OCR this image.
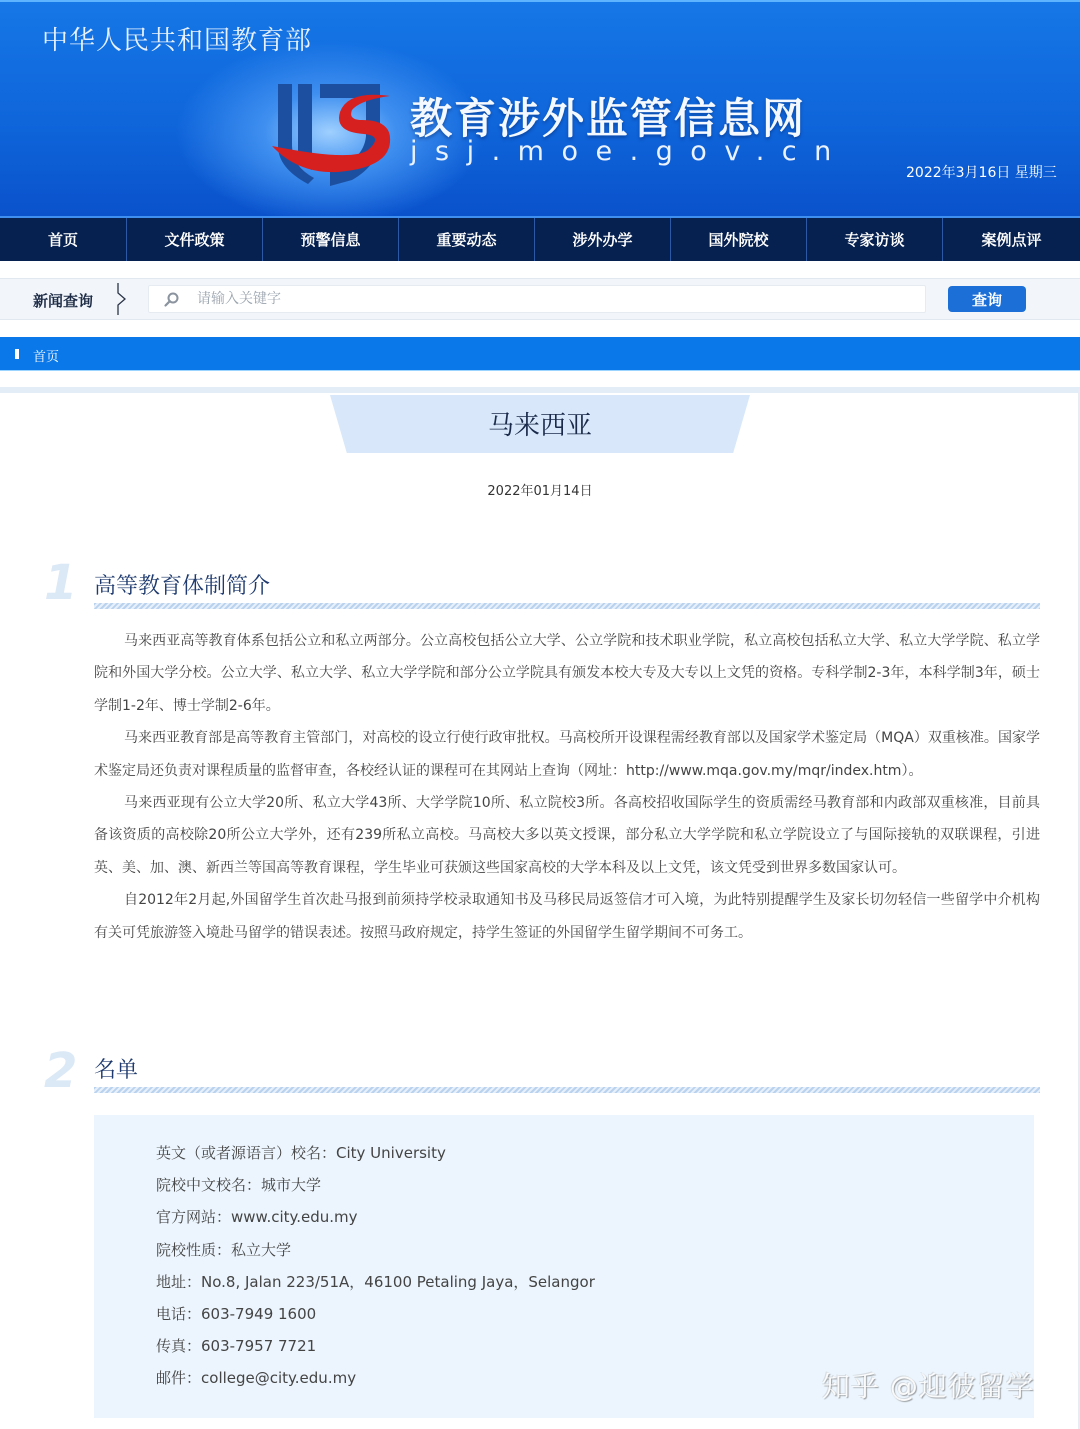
中华人民共和国教育部
教育涉外监管信息网
jsj.moe.gov.cn
2022年3月16日 星期三
首页	文件政策	预警信息	重要动态	涉外办学	国外院校	专家访谈	案例点评
新闻查询
请输入关键字	查询
首页
马来西亚
2022年01月14日
1 高等教育体制简介

马来西亚高等教育体系包括公立和私立两部分。公立高校包括公立大学、公立学院和技术职业学院，私立高校包括私立大学、私立大学学院、私立学院和外国大学分校。公立大学、私立大学、私立大学学院和部分公立学院具有颁发本校大专及大专以上文凭的资格。专科学制2-3年，本科学制3年，硕士学制1-2年、博士学制2-6年。

马来西亚教育部是高等教育主管部门，对高校的设立行使行政审批权。马高校所开设课程需经教育部以及国家学术鉴定局（MQA）双重核准。国家学术鉴定局还负责对课程质量的监督审查，各校经认证的课程可在其网站上查询（网址：http://www.mqa.gov.my/mqr/index.htm）。

马来西亚现有公立大学20所、私立大学43所、大学学院10所、私立院校3所。各高校招收国际学生的资质需经马教育部和内政部双重核准，目前具备该资质的高校除20所公立大学外，还有239所私立高校。马高校大多以英文授课，部分私立大学学院和私立学院设立了与国际接轨的双联课程，引进英、美、加、澳、新西兰等国高等教育课程，学生毕业可获颁这些国家高校的大学本科及以上文凭，该文凭受到世界多数国家认可。

自2012年2月起,外国留学生首次赴马报到前须持学校录取通知书及马移民局返签信才可入境，为此特别提醒学生及家长切勿轻信一些留学中介机构有关可凭旅游签入境赴马留学的错误表述。按照马政府规定，持学生签证的外国留学生留学期间不可务工。

2 名单
英文（或者源语言）校名：City University
院校中文校名：城市大学
官方网站：www.city.edu.my
院校性质：私立大学
地址：No.8, Jalan 223/51A，46100 Petaling Jaya，Selangor
电话：603-7949 1600
传真：603-7957 7721
邮件：college@city.edu.my	知乎 @迎彼留学
